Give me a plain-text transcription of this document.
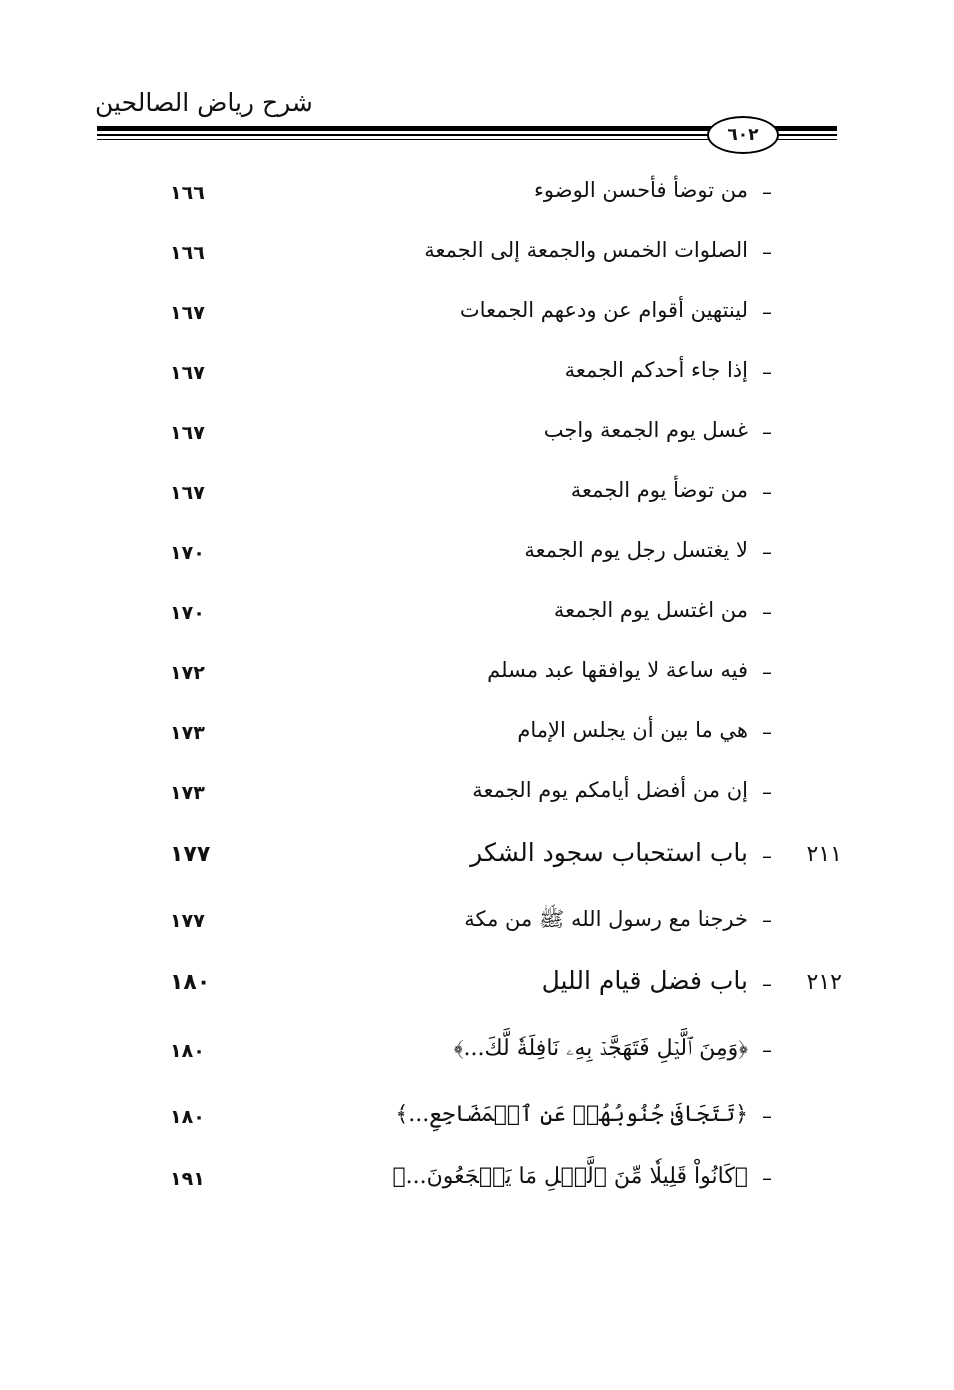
شرح رياض الصالحين
٦٠٢
١٦٦	من توضأ فأحسن الوضوء –
١٦٦	الصلوات الخمس والجمعة إلى الجمعة –
١٦٧	لينتهين أقوام عن ودعهم الجمعات –
١٦٧	إذا جاء أحدكم الجمعة –
١٦٧	غسل يوم الجمعة واجب –
١٦٧	من توضأ يوم الجمعة –
١٧٠	لا يغتسل رجل يوم الجمعة –
١٧٠	من اغتسل يوم الجمعة –
١٧٢	فيه ساعة لا يوافقها عبد مسلم –
١٧٣	هي ما بين أن يجلس الإمام –
١٧٣	إن من أفضل أيامكم يوم الجمعة –
١٧٧	باب استحباب سجود الشكر –	٢١١
١٧٧	خرجنا مع رسول الله ﷺ من مكة –
١٨٠	باب فضل قيام الليل –	٢١٢
١٨٠	﴿وَمِنَ ٱلَّيۡلِ فَتَهَجَّدۡ بِهِۦ نَافِلَةٗ لَّكَ...﴾ –
١٨٠	﴿تَتَجَافَىٰ جُنُوبُهُمۡ عَنِ ٱلۡمَضَاجِعِ...﴾ –
١٩١	﴿كَانُواْ قَلِيلٗا مِّنَ ٱلَّيۡلِ مَا يَهۡجَعُونَ...﴾ –
